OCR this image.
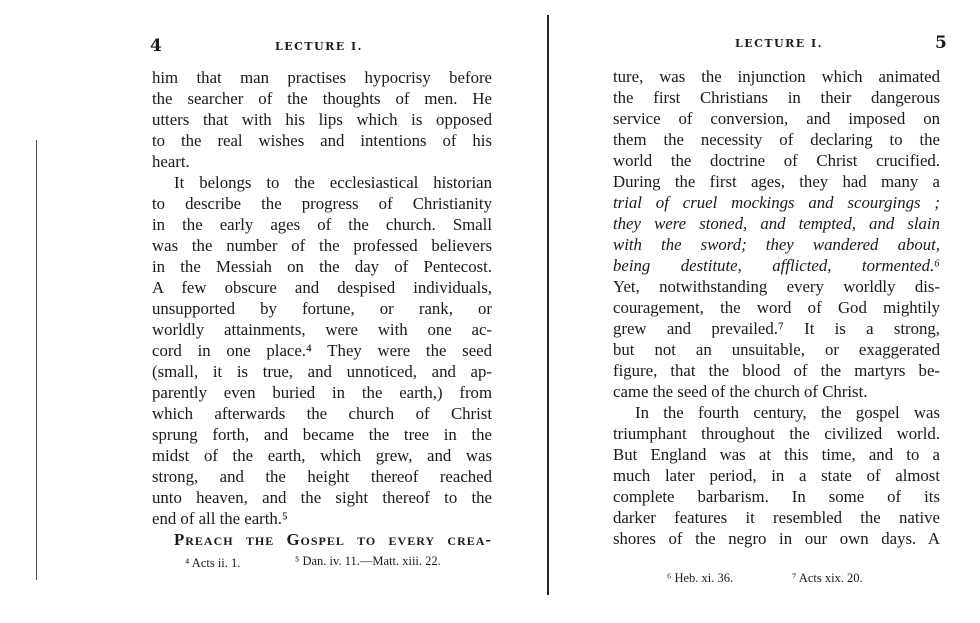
4	LECTURE I.
him that man practises hypocrisy before
the searcher of the thoughts of men. He
utters that with his lips which is opposed
to the real wishes and intentions of his
heart.
It belongs to the ecclesiastical historian
to describe the progress of Christianity
in the early ages of the church. Small
was the number of the professed believers
in the Messiah on the day of Pentecost.
A few obscure and despised individuals,
unsupported by fortune, or rank, or
worldly attainments, were with one ac-
cord in one place.⁴ They were the seed
(small, it is true, and unnoticed, and ap-
parently even buried in the earth,) from
which afterwards the church of Christ
sprung forth, and became the tree in the
midst of the earth, which grew, and was
strong, and the height thereof reached
unto heaven, and the sight thereof to the
end of all the earth.⁵
Preach the Gospel to every crea-
⁴ Acts ii. 1.	⁵ Dan. iv. 11.—Matt. xiii. 22.
LECTURE I.	5
ture, was the injunction which animated
the first Christians in their dangerous
service of conversion, and imposed on
them the necessity of declaring to the
world the doctrine of Christ crucified.
During the first ages, they had many a
trial of cruel mockings and scourgings ;
they were stoned, and tempted, and slain
with the sword; they wandered about,
being destitute, afflicted, tormented.⁶
Yet, notwithstanding every worldly dis-
couragement, the word of God mightily
grew and prevailed.⁷ It is a strong,
but not an unsuitable, or exaggerated
figure, that the blood of the martyrs be-
came the seed of the church of Christ.
In the fourth century, the gospel was
triumphant throughout the civilized world.
But England was at this time, and to a
much later period, in a state of almost
complete barbarism. In some of its
darker features it resembled the native
shores of the negro in our own days. A
⁶ Heb. xi. 36.	⁷ Acts xix. 20.
